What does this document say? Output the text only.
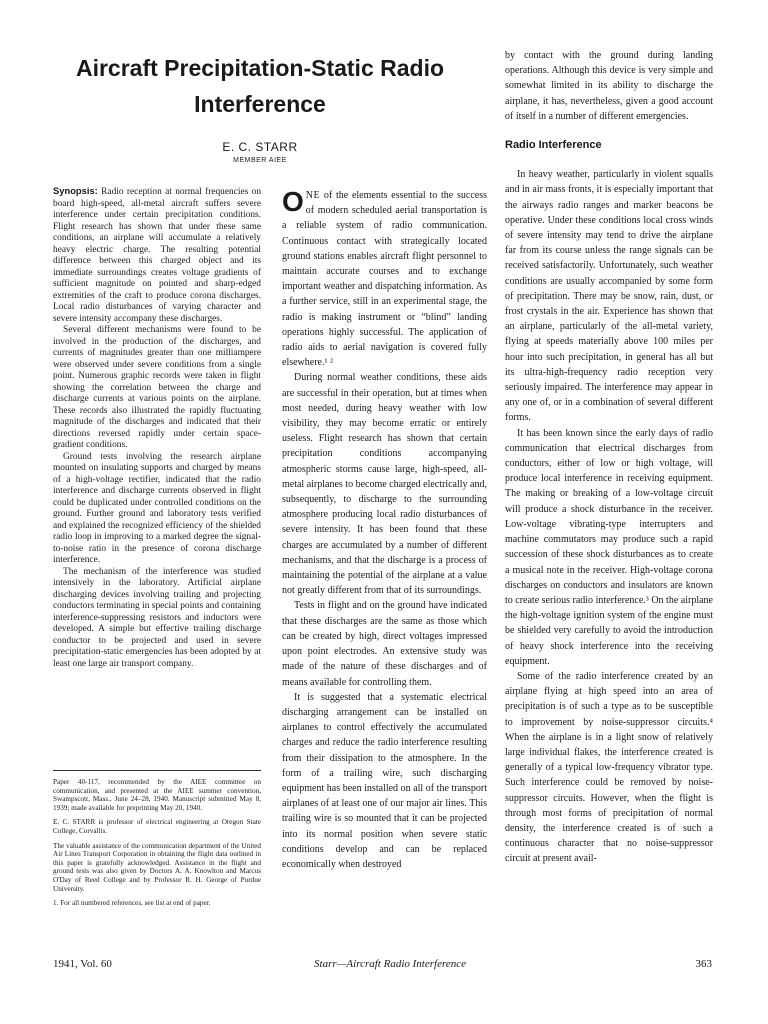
Aircraft Precipitation-Static Radio Interference
E. C. STARR
MEMBER AIEE

Synopsis: Radio reception at normal frequencies on board high-speed, all-metal aircraft suffers severe interference under certain precipitation conditions. Flight research has shown that under these same conditions, an airplane will accumulate a relatively heavy electric charge. The resulting potential difference between this charged object and its immediate surroundings creates voltage gradients of sufficient magnitude on pointed and sharp-edged extremities of the craft to produce corona discharges. Local radio disturbances of varying character and severe intensity accompany these discharges.

Several different mechanisms were found to be involved in the production of the discharges, and currents of magnitudes greater than one milliampere were observed under severe conditions from a single point. Numerous graphic records were taken in flight showing the correlation between the charge and discharge currents at various points on the airplane. These records also illustrated the rapidly fluctuating magnitude of the discharges and indicated that their directions reversed rapidly under certain space-gradient conditions.

Ground tests involving the research airplane mounted on insulating supports and charged by means of a high-voltage rectifier, indicated that the radio interference and discharge currents observed in flight could be duplicated under controlled conditions on the ground. Further ground and laboratory tests verified and explained the recognized efficiency of the shielded radio loop in improving to a marked degree the signal-to-noise ratio in the presence of corona discharge interference.

The mechanism of the interference was studied intensively in the laboratory. Artificial airplane discharging devices involving trailing and projecting conductors terminating in special points and containing interference-suppressing resistors and inductors were developed. A simple but effective trailing discharge conductor to be projected and used in severe precipitation-static emergencies has been adopted by at least one large air transport company.

Paper 40-117, recommended by the AIEE committee on communication, and presented at the AIEE summer convention, Swampscott, Mass., June 24–28, 1940. Manuscript submitted May 8, 1939; made available for preprinting May 20, 1940.

E. C. STARR is professor of electrical engineering at Oregon State College, Corvallis.

The valuable assistance of the communication department of the United Air Lines Transport Corporation in obtaining the flight data outlined in this paper is gratefully acknowledged. Assistance in the flight and ground tests was also given by Doctors A. A. Knowlton and Marcus O'Day of Reed College and by Professor R. H. George of Purdue University.

1. For all numbered references, see list at end of paper.

ONE of the elements essential to the success of modern scheduled aerial transportation is a reliable system of radio communication. Continuous contact with strategically located ground stations enables aircraft flight personnel to maintain accurate courses and to exchange important weather and dispatching information. As a further service, still in an experimental stage, the radio is making instrument or “blind” landing operations highly successful. The application of radio aids to aerial navigation is covered fully elsewhere.¹ ²

During normal weather conditions, these aids are successful in their operation, but at times when most needed, during heavy weather with low visibility, they may become erratic or entirely useless. Flight research has shown that certain precipitation conditions accompanying atmospheric storms cause large, high-speed, all-metal airplanes to become charged electrically and, subsequently, to discharge to the surrounding atmosphere producing local radio disturbances of severe intensity. It has been found that these charges are accumulated by a number of different mechanisms, and that the discharge is a process of maintaining the potential of the airplane at a value not greatly different from that of its surroundings.

Tests in flight and on the ground have indicated that these discharges are the same as those which can be created by high, direct voltages impressed upon point electrodes. An extensive study was made of the nature of these discharges and of means available for controlling them.

It is suggested that a systematic electrical discharging arrangement can be installed on airplanes to control effectively the accumulated charges and reduce the radio interference resulting from their dissipation to the atmosphere. In the form of a trailing wire, such discharging equipment has been installed on all of the transport airplanes of at least one of our major air lines. This trailing wire is so mounted that it can be projected into its normal position when severe static conditions develop and can be replaced economically when destroyed

by contact with the ground during landing operations. Although this device is very simple and somewhat limited in its ability to discharge the airplane, it has, nevertheless, given a good account of itself in a number of different emergencies.

Radio Interference

In heavy weather, particularly in violent squalls and in air mass fronts, it is especially important that the airways radio ranges and marker beacons be operative. Under these conditions local cross winds of severe intensity may tend to drive the airplane far from its course unless the range signals can be received satisfactorily. Unfortunately, such weather conditions are usually accompanied by some form of precipitation. There may be snow, rain, dust, or frost crystals in the air. Experience has shown that an airplane, particularly of the all-metal variety, flying at speeds materially above 100 miles per hour into such precipitation, in general has all but its ultra-high-frequency radio reception very seriously impaired. The interference may appear in any one of, or in a combination of several different forms.

It has been known since the early days of radio communication that electrical discharges from conductors, either of low or high voltage, will produce local interference in receiving equipment. The making or breaking of a low-voltage circuit will produce a shock disturbance in the receiver. Low-voltage vibrating-type interrupters and machine commutators may produce such a rapid succession of these shock disturbances as to create a musical note in the receiver. High-voltage corona discharges on conductors and insulators are known to create serious radio interference.³ On the airplane the high-voltage ignition system of the engine must be shielded very carefully to avoid the introduction of heavy shock interference into the receiving equipment.

Some of the radio interference created by an airplane flying at high speed into an area of precipitation is of such a type as to be susceptible to improvement by noise-suppressor circuits.⁴ When the airplane is in a light snow of relatively large individual flakes, the interference created is generally of a typical low-frequency vibrator type. Such interference could be removed by noise-suppressor circuits. However, when the flight is through most forms of precipitation of normal density, the interference created is of such a continuous character that no noise-suppressor circuit at present avail-

1941, Vol. 60	Starr—Aircraft Radio Interference	363
